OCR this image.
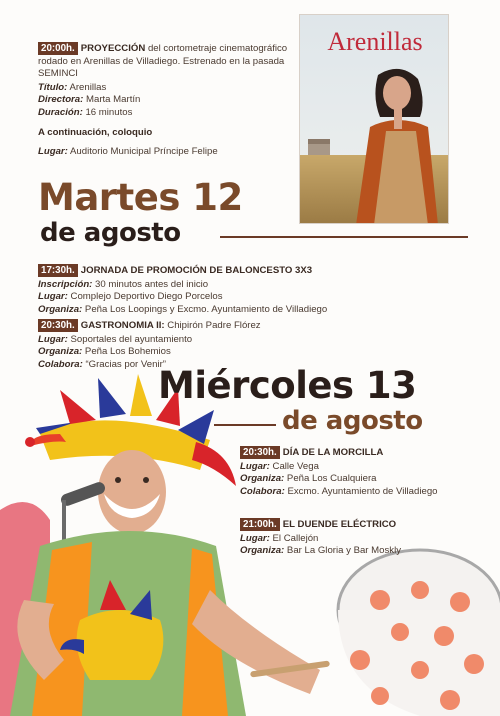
20:00h. PROYECCIÓN del cortometraje cinematográfico rodado en Arenillas de Villadiego. Estrenado en la pasada SEMINCI
Título: Arenillas
Directora: Marta Martín
Duración: 16 minutos
A continuación, coloquio
Lugar: Auditorio Municipal Príncipe Felipe
Arenillas
Martes 12
de agosto
17:30h. JORNADA DE PROMOCIÓN DE BALONCESTO 3X3
Inscripción: 30 minutos antes del inicio
Lugar: Complejo Deportivo Diego Porcelos
Organiza: Peña Los Loopings y Excmo. Ayuntamiento de Villadiego
20:30h. GASTRONOMIA II: Chipirón Padre Flórez
Lugar: Soportales del ayuntamiento
Organiza: Peña Los Bohemios
Colabora: “Gracias por Venir”
Miércoles 13
de agosto
20:30h. DÍA DE LA MORCILLA
Lugar: Calle Vega
Organiza: Peña Los Cualquiera
Colabora: Excmo. Ayuntamiento de Villadiego
21:00h. EL DUENDE ELÉCTRICO
Lugar: El Callejón
Organiza: Bar La Gloria y Bar Moskly
